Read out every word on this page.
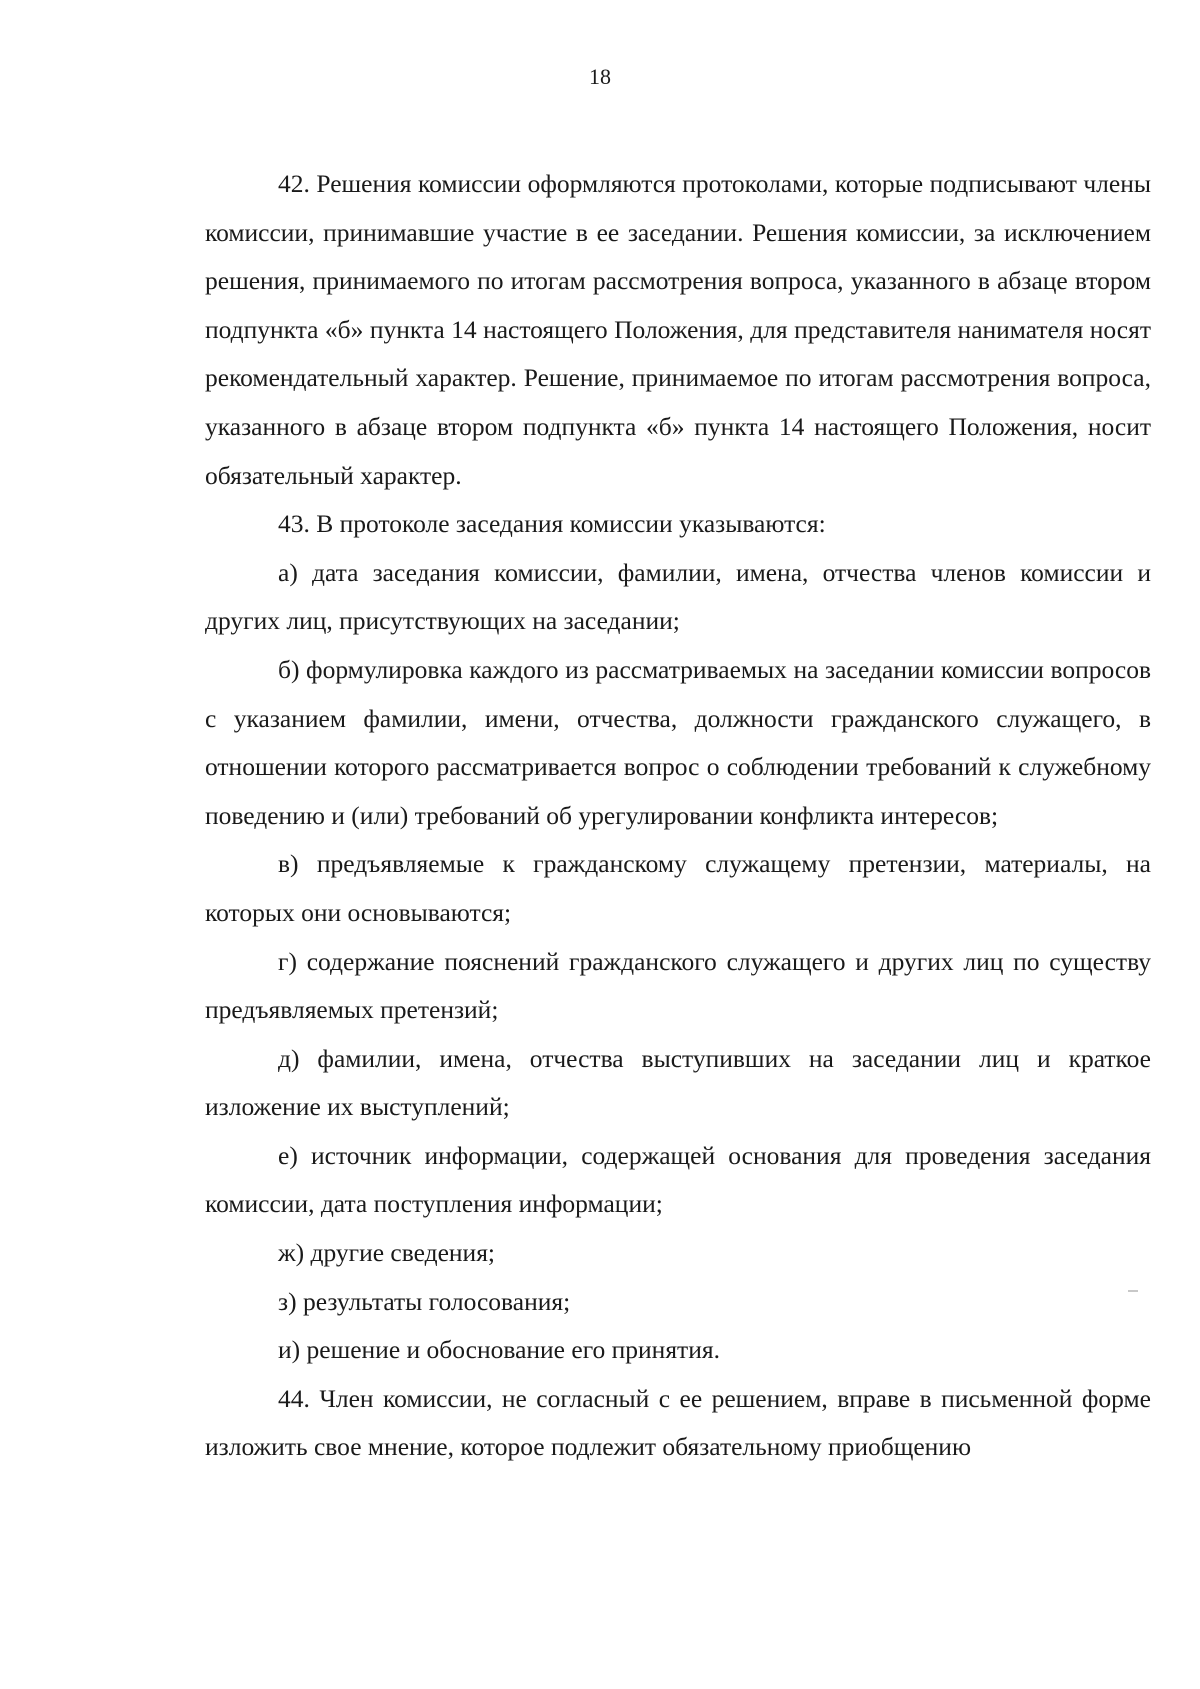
18

42. Решения комиссии оформляются протоколами, которые подписывают члены комиссии, принимавшие участие в ее заседании. Решения комиссии, за исключением решения, принимаемого по итогам рассмотрения вопроса, указанного в абзаце втором подпункта «б» пункта 14 настоящего Положения, для представителя нанимателя носят рекомендательный характер. Решение, принимаемое по итогам рассмотрения вопроса, указанного в абзаце втором подпункта «б» пункта 14 настоящего Положения, носит обязательный характер.

43. В протоколе заседания комиссии указываются:

а) дата заседания комиссии, фамилии, имена, отчества членов комиссии и других лиц, присутствующих на заседании;

б) формулировка каждого из рассматриваемых на заседании комиссии вопросов с указанием фамилии, имени, отчества, должности гражданского служащего, в отношении которого рассматривается вопрос о соблюдении требований к служебному поведению и (или) требований об урегулировании конфликта интересов;

в) предъявляемые к гражданскому служащему претензии, материалы, на которых они основываются;

г) содержание пояснений гражданского служащего и других лиц по существу предъявляемых претензий;

д) фамилии, имена, отчества выступивших на заседании лиц и краткое изложение их выступлений;

е) источник информации, содержащей основания для проведения заседания комиссии, дата поступления информации;

ж) другие сведения;

з) результаты голосования;

и) решение и обоснование его принятия.

44. Член комиссии, не согласный с ее решением, вправе в письменной форме изложить свое мнение, которое подлежит обязательному приобщению
